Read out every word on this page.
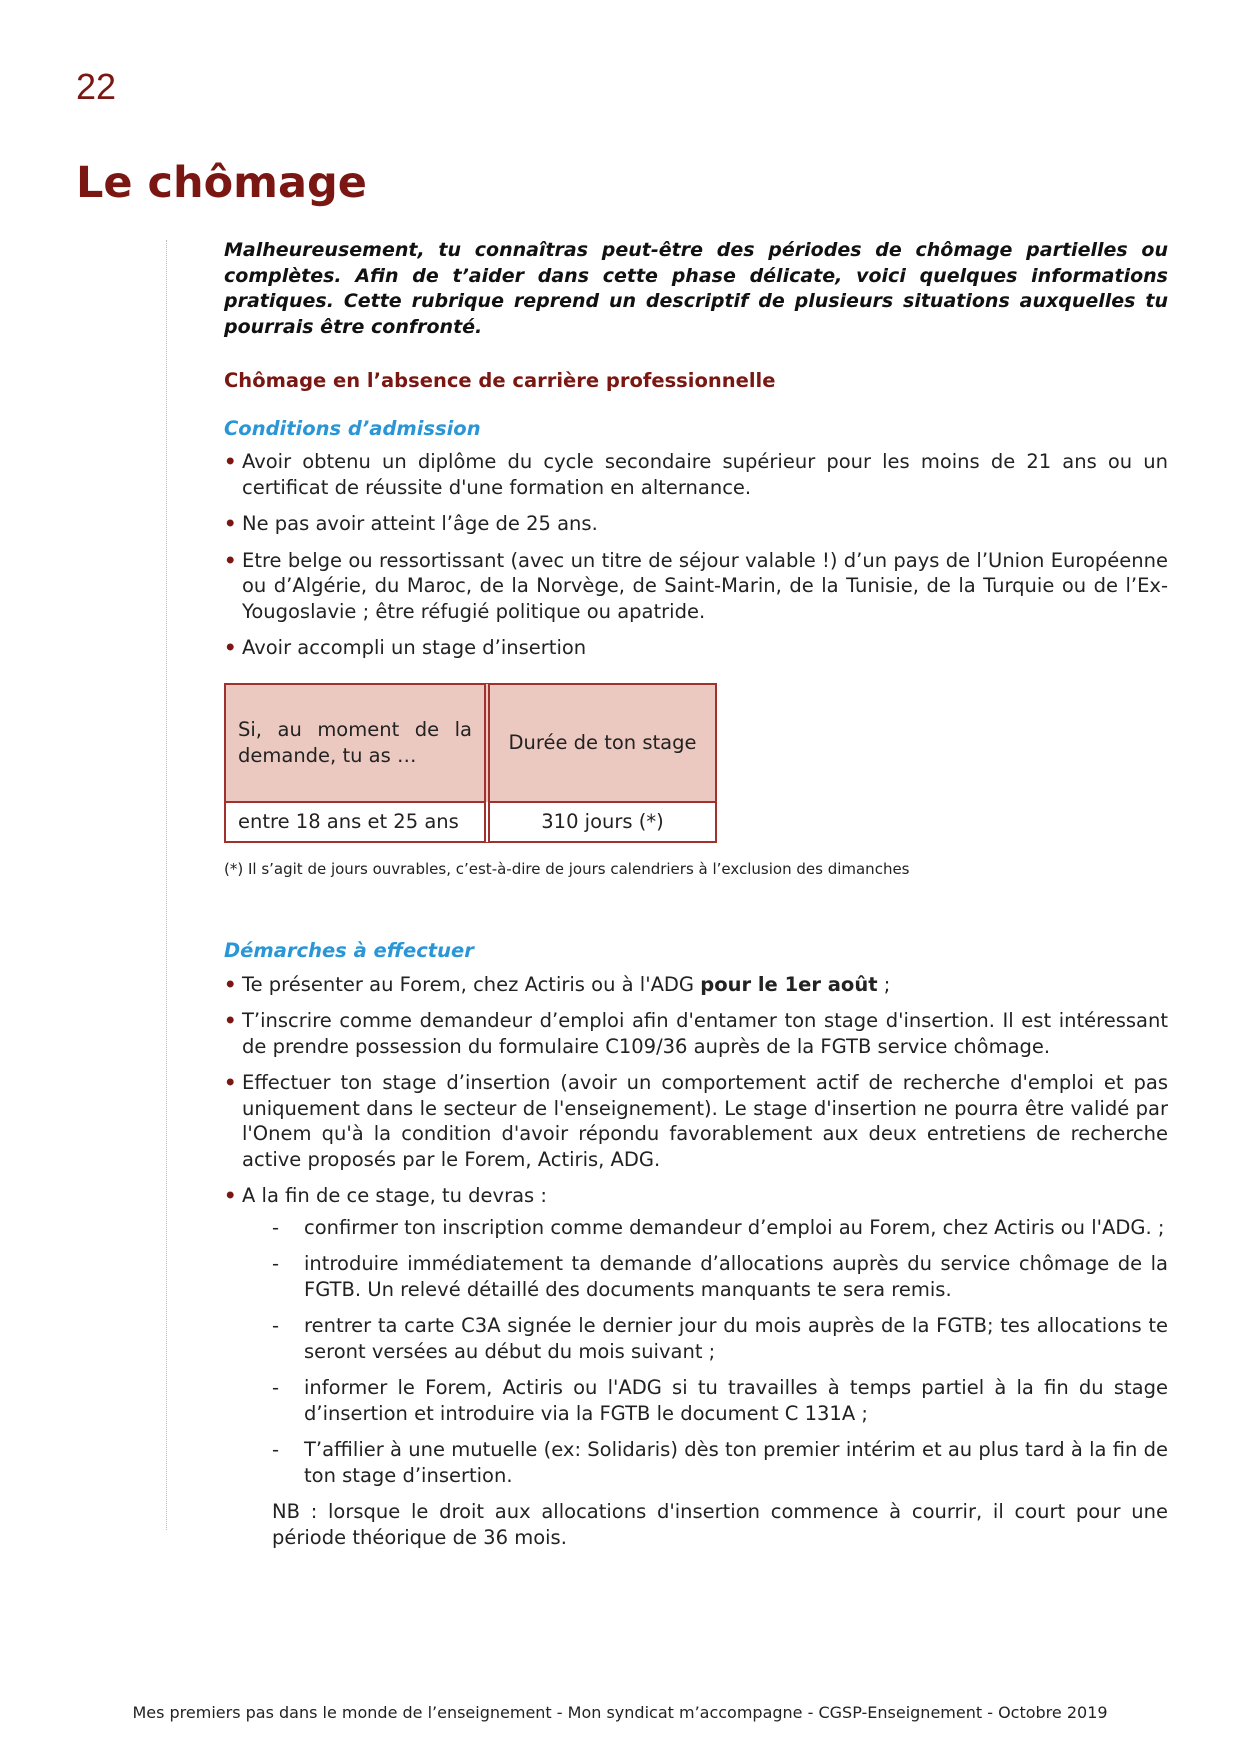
22
Le chômage

Malheureusement, tu connaîtras peut-être des périodes de chômage partielles ou complètes. Afin de t’aider dans cette phase délicate, voici quelques informations pratiques. Cette rubrique reprend un descriptif de plusieurs situations auxquelles tu pourrais être confronté.

Chômage en l’absence de carrière professionnelle
Conditions d’admission
• Avoir obtenu un diplôme du cycle secondaire supérieur pour les moins de 21 ans ou un certificat de réussite d'une formation en alternance.
• Ne pas avoir atteint l’âge de 25 ans.
• Etre belge ou ressortissant (avec un titre de séjour valable !) d’un pays de l’Union Européenne ou d’Algérie, du Maroc, de la Norvège, de Saint-Marin, de la Tunisie, de la Turquie ou de l’Ex-Yougoslavie ; être réfugié politique ou apatride.
• Avoir accompli un stage d’insertion
Si, au moment de la demande, tu as …		Durée de ton stage
entre 18 ans et 25 ans		310 jours (*)

(*) Il s’agit de jours ouvrables, c’est-à-dire de jours calendriers à l’exclusion des dimanches

Démarches à effectuer
• Te présenter au Forem, chez Actiris ou à l'ADG pour le 1er août ;
• T’inscrire comme demandeur d’emploi afin d'entamer ton stage d'insertion. Il est intéressant de prendre possession du formulaire C109/36 auprès de la FGTB service chômage.
• Effectuer ton stage d’insertion (avoir un comportement actif de recherche d'emploi et pas uniquement dans le secteur de l'enseignement). Le stage d'insertion ne pourra être validé par l'Onem qu'à la condition d'avoir répondu favorablement aux deux entretiens de recherche active proposés par le Forem, Actiris, ADG.
• A la fin de ce stage, tu devras :
- confirmer ton inscription comme demandeur d’emploi au Forem, chez Actiris ou l'ADG. ;
- introduire immédiatement ta demande d’allocations auprès du service chômage de la FGTB. Un relevé détaillé des documents manquants te sera remis.
- rentrer ta carte C3A signée le dernier jour du mois auprès de la FGTB; tes allocations te seront versées au début du mois suivant ;
- informer le Forem, Actiris ou l'ADG si tu travailles à temps partiel à la fin du stage d’insertion et introduire via la FGTB le document C 131A ;
- T’affilier à une mutuelle (ex: Solidaris) dès ton premier intérim et au plus tard à la fin de ton stage d’insertion.

NB : lorsque le droit aux allocations d'insertion commence à courrir, il court pour une période théorique de 36 mois.

Mes premiers pas dans le monde de l’enseignement - Mon syndicat m’accompagne - CGSP-Enseignement - Octobre 2019
